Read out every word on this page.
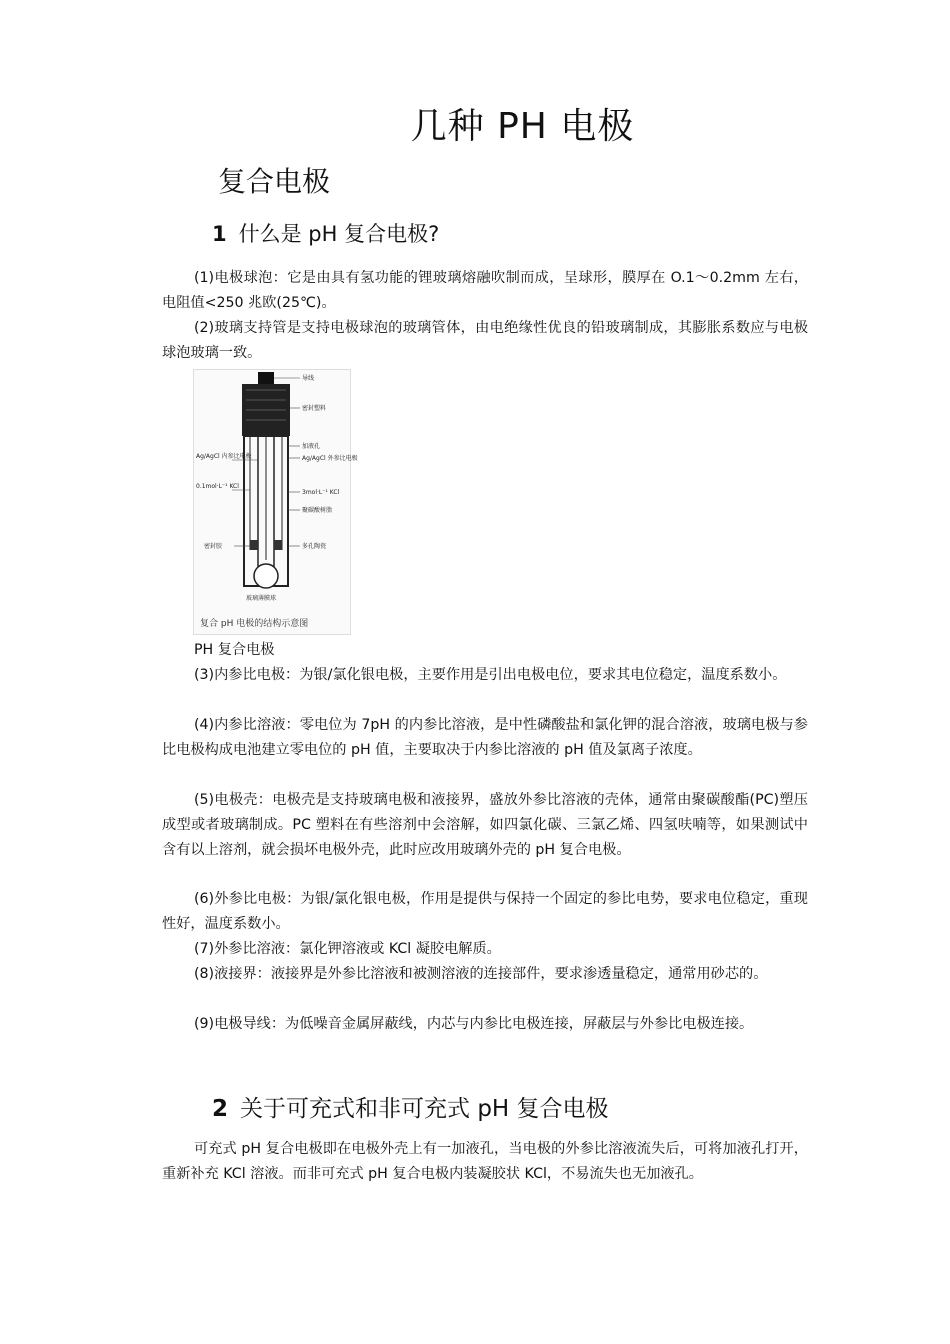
几种 PH 电极
复合电极
1 什么是 pH 复合电极?

(1)电极球泡：它是由具有氢功能的锂玻璃熔融吹制而成，呈球形，膜厚在 O.1～0.2mm 左右，电阻值<250 兆欧(25℃)。

(2)玻璃支持管是支持电极球泡的玻璃管体，由电绝缘性优良的铅玻璃制成，其膨胀系数应与电极球泡玻璃一致。

导线
密封塑料
加液孔
Ag/AgCl 外参比电极
3mol·L⁻¹ KCl
聚碳酸树脂
多孔陶瓷
Ag/AgCl 内参比电极
0.1mol·L⁻¹ KCl
密封胶
玻璃薄膜球
复合 pH 电极的结构示意图
PH 复合电极

(3)内参比电极：为银/氯化银电极，主要作用是引出电极电位，要求其电位稳定，温度系数小。

(4)内参比溶液：零电位为 7pH 的内参比溶液，是中性磷酸盐和氯化钾的混合溶液，玻璃电极与参比电极构成电池建立零电位的 pH 值，主要取决于内参比溶液的 pH 值及氯离子浓度。

(5)电极壳：电极壳是支持玻璃电极和液接界，盛放外参比溶液的壳体，通常由聚碳酸酯(PC)塑压成型或者玻璃制成。PC 塑料在有些溶剂中会溶解，如四氯化碳、三氯乙烯、四氢呋喃等，如果测试中含有以上溶剂，就会损坏电极外壳，此时应改用玻璃外壳的 pH 复合电极。

(6)外参比电极：为银/氯化银电极，作用是提供与保持一个固定的参比电势，要求电位稳定，重现性好，温度系数小。

(7)外参比溶液：氯化钾溶液或 KCl 凝胶电解质。

(8)液接界：液接界是外参比溶液和被测溶液的连接部件，要求渗透量稳定，通常用砂芯的。

(9)电极导线：为低噪音金属屏蔽线，内芯与内参比电极连接，屏蔽层与外参比电极连接。

2 关于可充式和非可充式 pH 复合电极

可充式 pH 复合电极即在电极外壳上有一加液孔，当电极的外参比溶液流失后，可将加液孔打开，重新补充 KCl 溶液。而非可充式 pH 复合电极内装凝胶状 KCl，不易流失也无加液孔。
